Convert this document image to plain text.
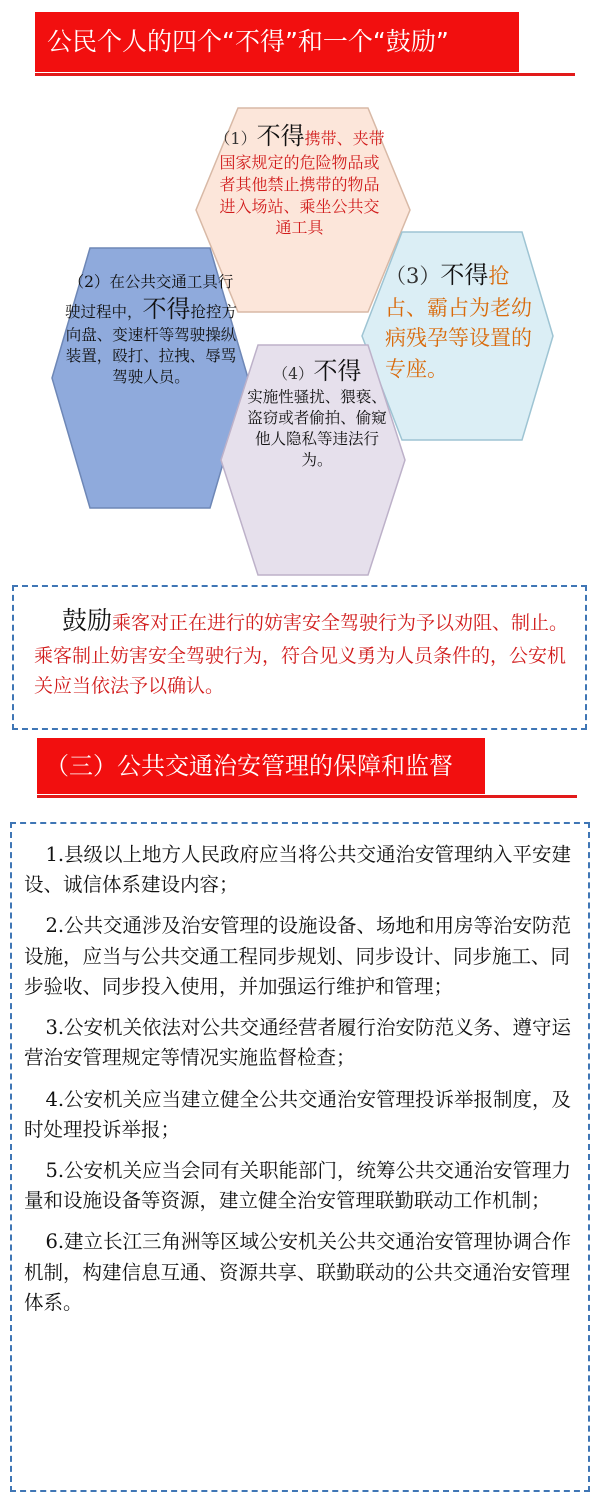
公民个人的四个“不得”和一个“鼓励”
（1）不得携带、夹带国家规定的危险物品或者其他禁止携带的物品进入场站、乘坐公共交通工具
（2）在公共交通工具行驶过程中，不得抢控方向盘、变速杆等驾驶操纵装置，殴打、拉拽、辱骂驾驶人员。
（3）不得抢占、霸占为老幼病残孕等设置的专座。
（4）不得
实施性骚扰、猥亵、盗窃或者偷拍、偷窥他人隐私等违法行为。
鼓励乘客对正在进行的妨害安全驾驶行为予以劝阻、制止。乘客制止妨害安全驾驶行为，符合见义勇为人员条件的，公安机关应当依法予以确认。
（三）公共交通治安管理的保障和监督
1.县级以上地方人民政府应当将公共交通治安管理纳入平安建设、诚信体系建设内容；
2.公共交通涉及治安管理的设施设备、场地和用房等治安防范设施，应当与公共交通工程同步规划、同步设计、同步施工、同步验收、同步投入使用，并加强运行维护和管理；
3.公安机关依法对公共交通经营者履行治安防范义务、遵守运营治安管理规定等情况实施监督检查；
4.公安机关应当建立健全公共交通治安管理投诉举报制度，及时处理投诉举报；
5.公安机关应当会同有关职能部门，统筹公共交通治安管理力量和设施设备等资源，建立健全治安管理联勤联动工作机制；
6.建立长江三角洲等区域公安机关公共交通治安管理协调合作机制，构建信息互通、资源共享、联勤联动的公共交通治安管理体系。
